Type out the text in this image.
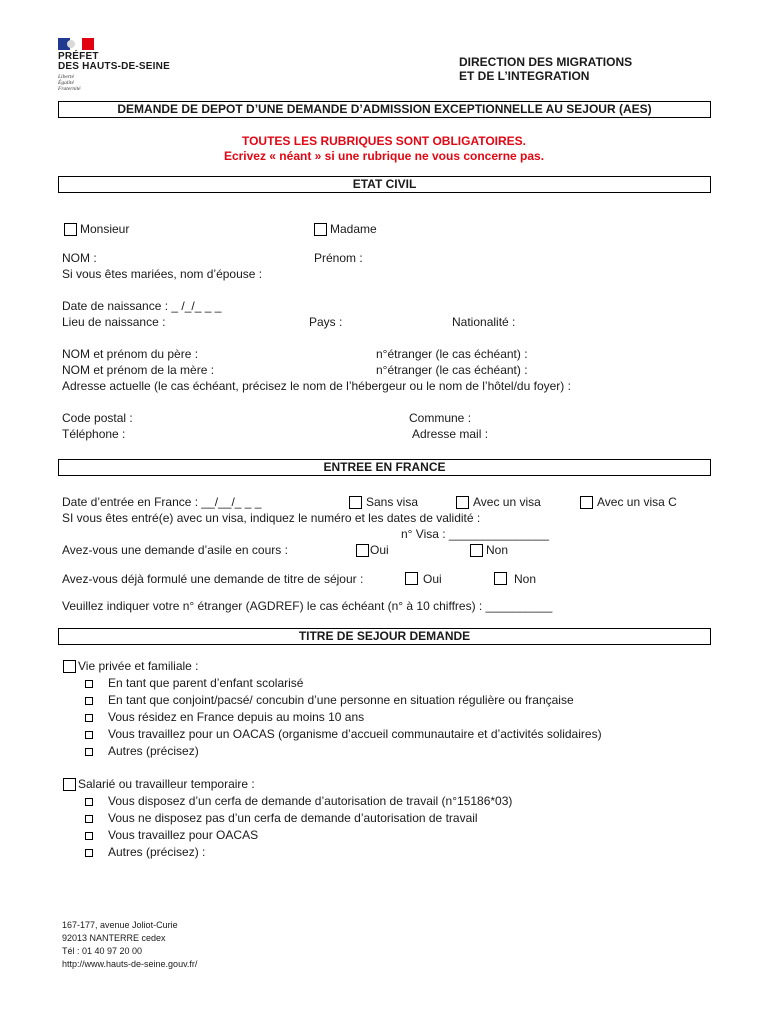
PRÉFET
DES HAUTS-DE-SEINE
Liberté
Égalité
Fraternité
DIRECTION DES MIGRATIONS
ET DE L’INTEGRATION
DEMANDE DE DEPOT D’UNE DEMANDE D’ADMISSION EXCEPTIONNELLE AU SEJOUR (AES)
TOUTES LES RUBRIQUES SONT OBLIGATOIRES.
Ecrivez « néant » si une rubrique ne vous concerne pas.
ETAT CIVIL
Monsieur	Madame
NOM :	Prénom :
Si vous êtes mariées, nom d’épouse :
Date de naissance : _ /_/_ _ _
Lieu de naissance :	Pays :	Nationalité :
NOM et prénom du père :	n°étranger (le cas échéant) :
NOM et prénom de la mère :	n°étranger (le cas échéant) :
Adresse actuelle (le cas échéant, précisez le nom de l’hébergeur ou le nom de l’hôtel/du foyer) :
Code postal :	Commune :
Téléphone :	Adresse mail :
ENTREE EN FRANCE
Date d’entrée en France : __/__/_ _ _	Sans visa	Avec un visa	Avec un visa C
SI vous êtes entré(e) avec un visa, indiquez le numéro et les dates de validité :
n° Visa : _______________
Avez-vous une demande d’asile en cours :	Oui	Non
Avez-vous déjà formulé une demande de titre de séjour :	Oui	Non
Veuillez indiquer votre n° étranger (AGDREF) le cas échéant (n° à 10 chiffres) : __________
TITRE DE SEJOUR DEMANDE
Vie privée et familiale :
En tant que parent d’enfant scolarisé
En tant que conjoint/pacsé/ concubin d’une personne en situation régulière ou française
Vous résidez en France depuis au moins 10 ans
Vous travaillez pour un OACAS (organisme d’accueil communautaire et d’activités solidaires)
Autres (précisez)
Salarié ou travailleur temporaire :
Vous disposez d’un cerfa de demande d’autorisation de travail (n°15186*03)
Vous ne disposez pas d’un cerfa de demande d’autorisation de travail
Vous travaillez pour OACAS
Autres (précisez) :
167-177, avenue Joliot-Curie
92013 NANTERRE cedex
Tél : 01 40 97 20 00
http://www.hauts-de-seine.gouv.fr/
